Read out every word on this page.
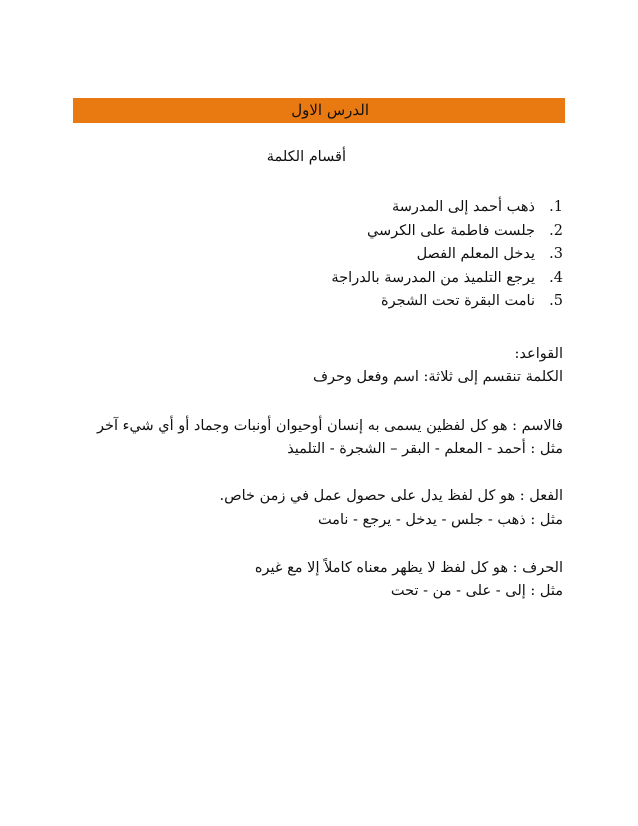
الدرس الاول
أقسام الكلمة
1.ذهب أحمد إلى المدرسة
2.جلست فاطمة على الكرسي
3.يدخل المعلم الفصل
4.يرجع التلميذ من المدرسة بالدراجة
5.نامت البقرة تحت الشجرة
القواعد:
الكلمة تنقسم إلى ثلاثة: اسم وفعل وحرف
فالاسم : هو كل لفظين يسمى به إنسان أوحيوان أونبات وجماد أو أي شيء آخر
مثل : أحمد - المعلم - البقر – الشجرة - التلميذ
الفعل : هو كل لفظ يدل على حصول عمل في زمن خاص.
مثل : ذهب - جلس - يدخل - يرجع - نامت
الحرف : هو كل لفظ لا يظهر معناه كاملاً إلا مع غيره
مثل : إلى - على - من - تحت
